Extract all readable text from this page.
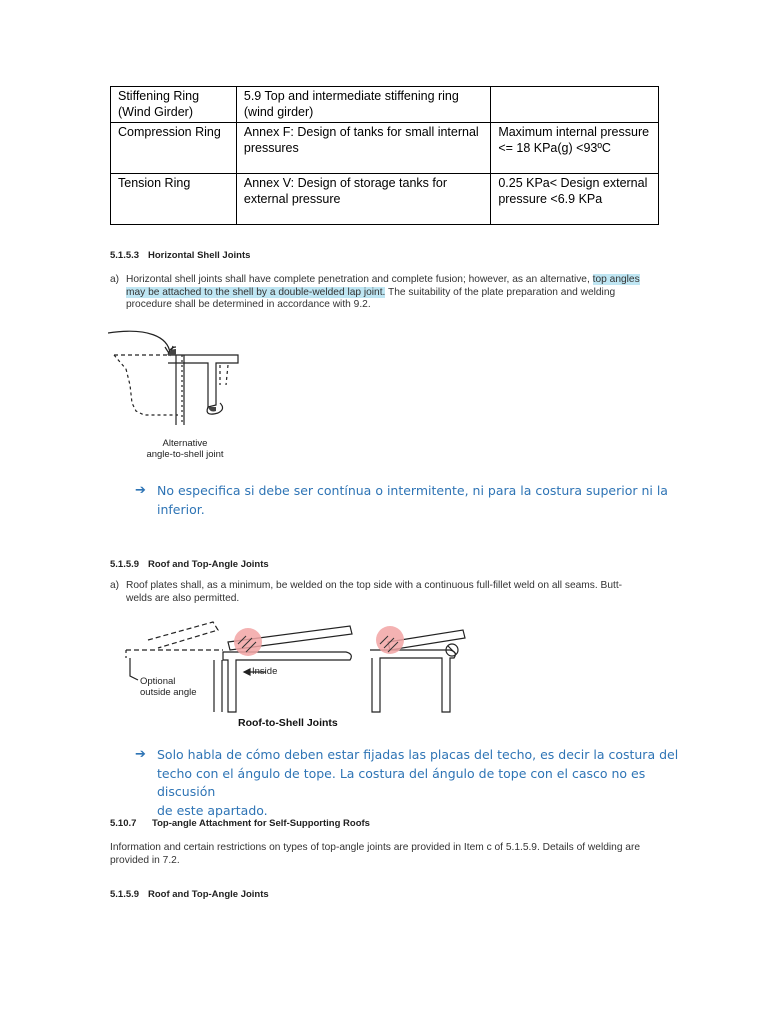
Stiffening Ring (Wind Girder)	5.9 Top and intermediate stiffening ring (wind girder)	
Compression Ring	Annex F: Design of tanks for small internal pressures	Maximum internal pressure <= 18 KPa(g) <93ºC
Tension Ring	Annex V: Design of storage tanks for external pressure	0.25 KPa< Design external pressure <6.9 KPa
5.1.5.3 Horizontal Shell Joints
a) Horizontal shell joints shall have complete penetration and complete fusion; however, as an alternative, top angles
may be attached to the shell by a double-welded lap joint. The suitability of the plate preparation and welding
procedure shall be determined in accordance with 9.2.
Alternative
angle-to-shell joint
➔ No especifica si debe ser contínua o intermitente, ni para la costura superior ni la
inferior.
5.1.5.9 Roof and Top-Angle Joints
a) Roof plates shall, as a minimum, be welded on the top side with a continuous full-fillet weld on all seams. Butt-
welds are also permitted.
Inside
Optional
outside angle
Roof-to-Shell Joints
➔ Solo habla de cómo deben estar fijadas las placas del techo, es decir la costura del
techo con el ángulo de tope. La costura del ángulo de tope con el casco no es discusión
de este apartado.
5.10.7 Top-angle Attachment for Self-Supporting Roofs
Information and certain restrictions on types of top-angle joints are provided in Item c of 5.1.5.9. Details of welding are
provided in 7.2.
5.1.5.9 Roof and Top-Angle Joints
